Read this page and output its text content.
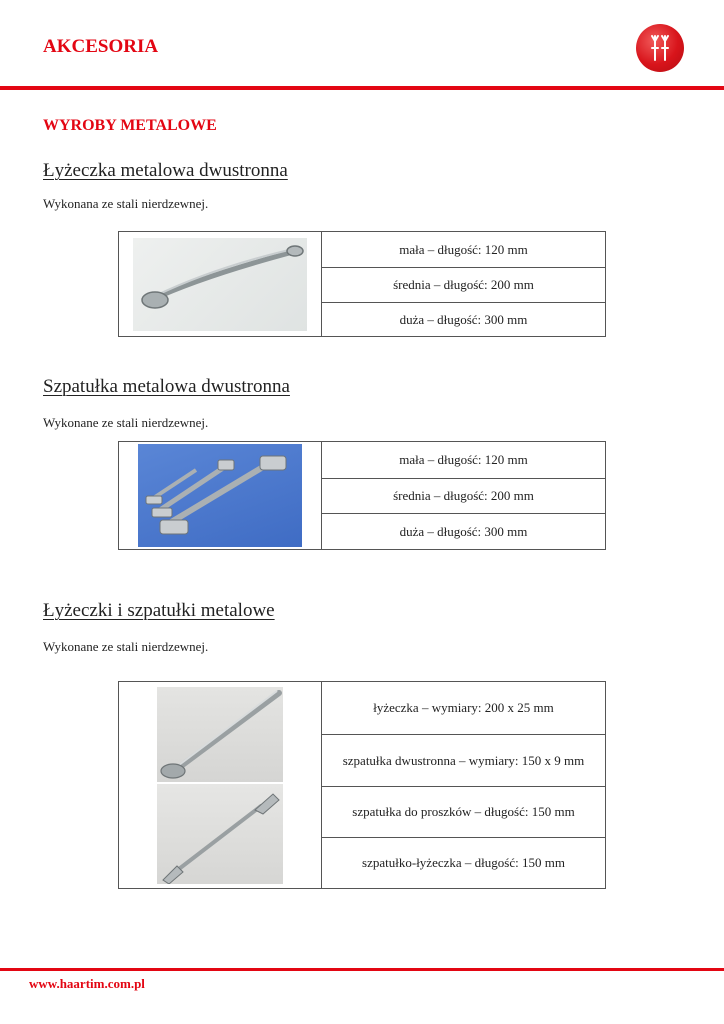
AKCESORIA
WYROBY METALOWE
Łyżeczka metalowa dwustronna
Wykonana ze stali nierdzewnej.
	mała – długość: 120 mm
średnia – długość: 200 mm
duża – długość: 300 mm
Szpatułka metalowa dwustronna
Wykonane ze stali nierdzewnej.
	mała – długość: 120 mm
średnia – długość: 200 mm
duża – długość: 300 mm
Łyżeczki i szpatułki metalowe
Wykonane ze stali nierdzewnej.
	łyżeczka – wymiary: 200 x 25 mm
szpatułka dwustronna – wymiary: 150 x 9 mm
szpatułka do proszków – długość: 150 mm
szpatułko-łyżeczka – długość: 150 mm
www.haartim.com.pl
